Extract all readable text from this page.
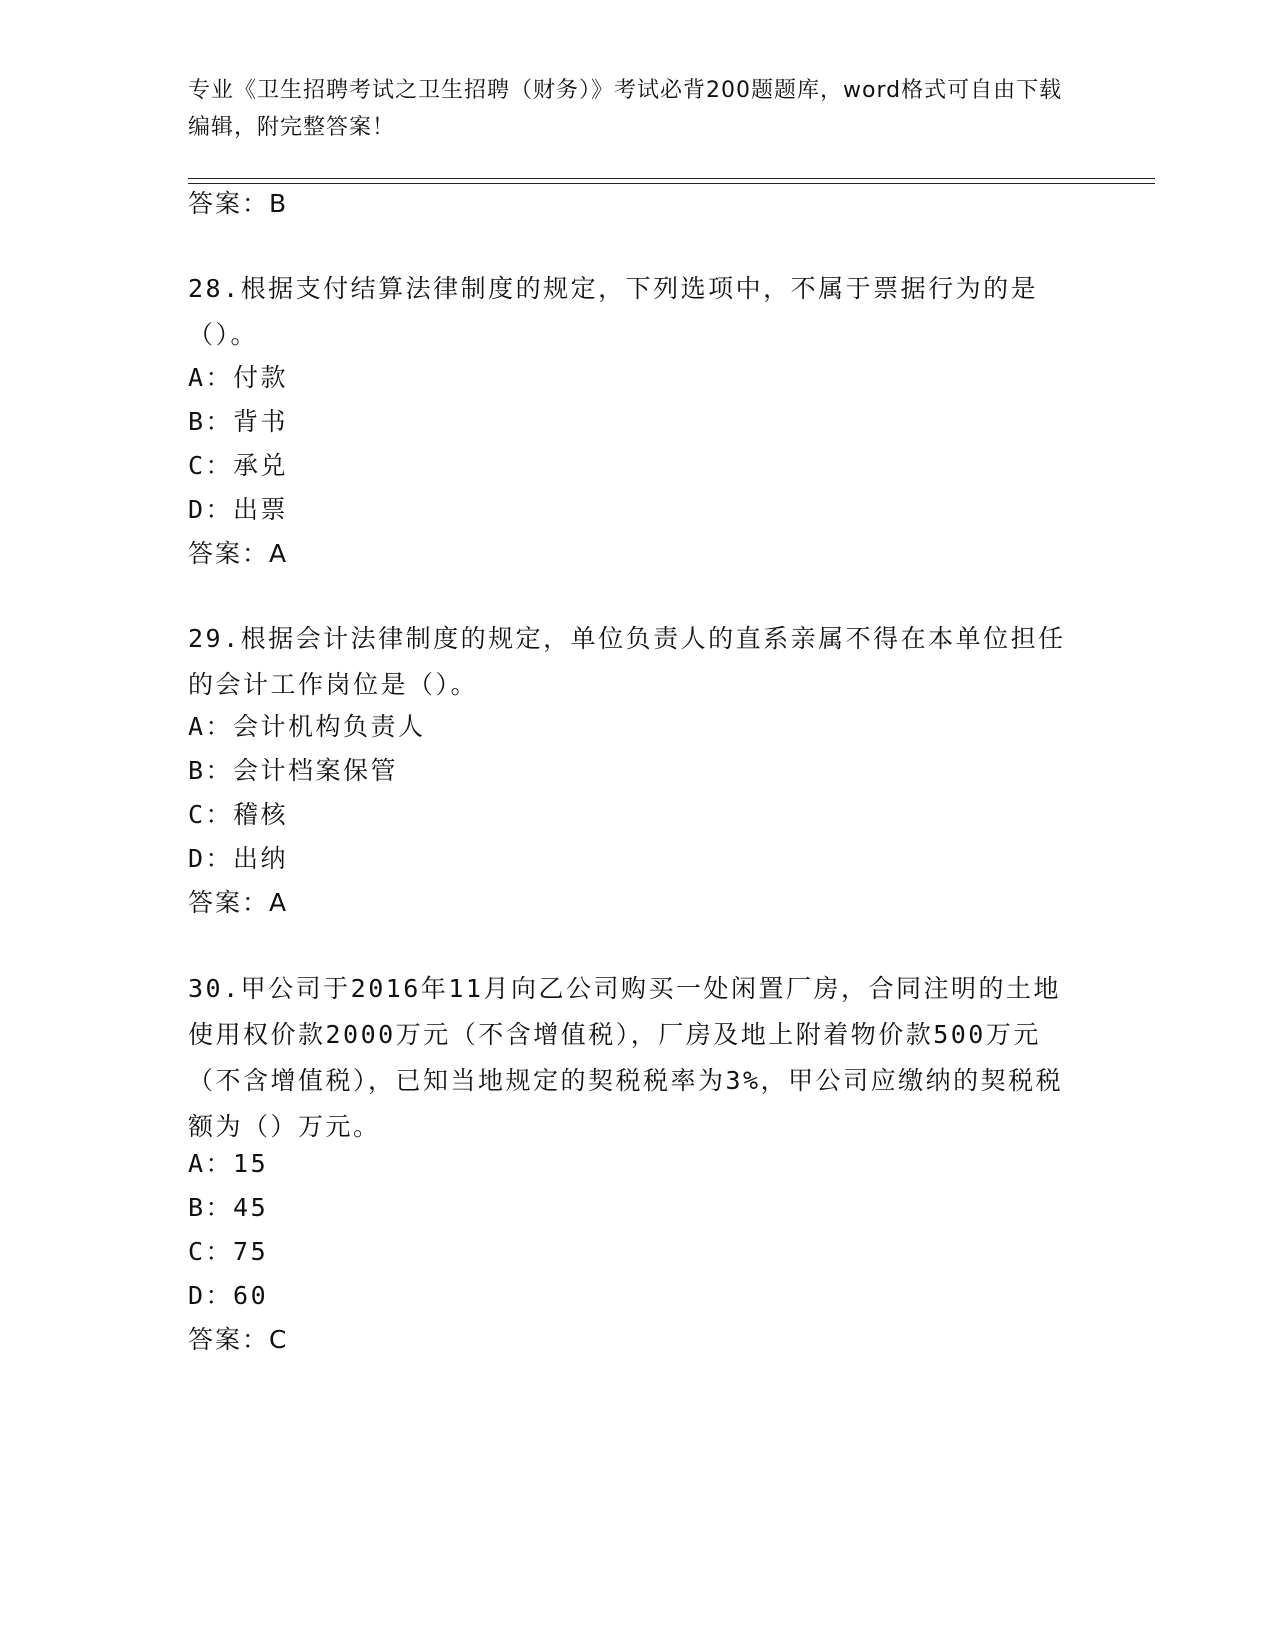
专业《卫生招聘考试之卫生招聘（财务）》考试必背200题题库，word格式可自由下载编辑，附完整答案！
答案：B
28.根据支付结算法律制度的规定，下列选项中，不属于票据行为的是（）。
A：付款
B：背书
C：承兑
D：出票
答案：A
29.根据会计法律制度的规定，单位负责人的直系亲属不得在本单位担任的会计工作岗位是（）。
A：会计机构负责人
B：会计档案保管
C：稽核
D：出纳
答案：A
30.甲公司于2016年11月向乙公司购买一处闲置厂房，合同注明的土地使用权价款2000万元（不含增值税），厂房及地上附着物价款500万元（不含增值税），已知当地规定的契税税率为3%，甲公司应缴纳的契税税额为（）万元。
A：15
B：45
C：75
D：60
答案：C
